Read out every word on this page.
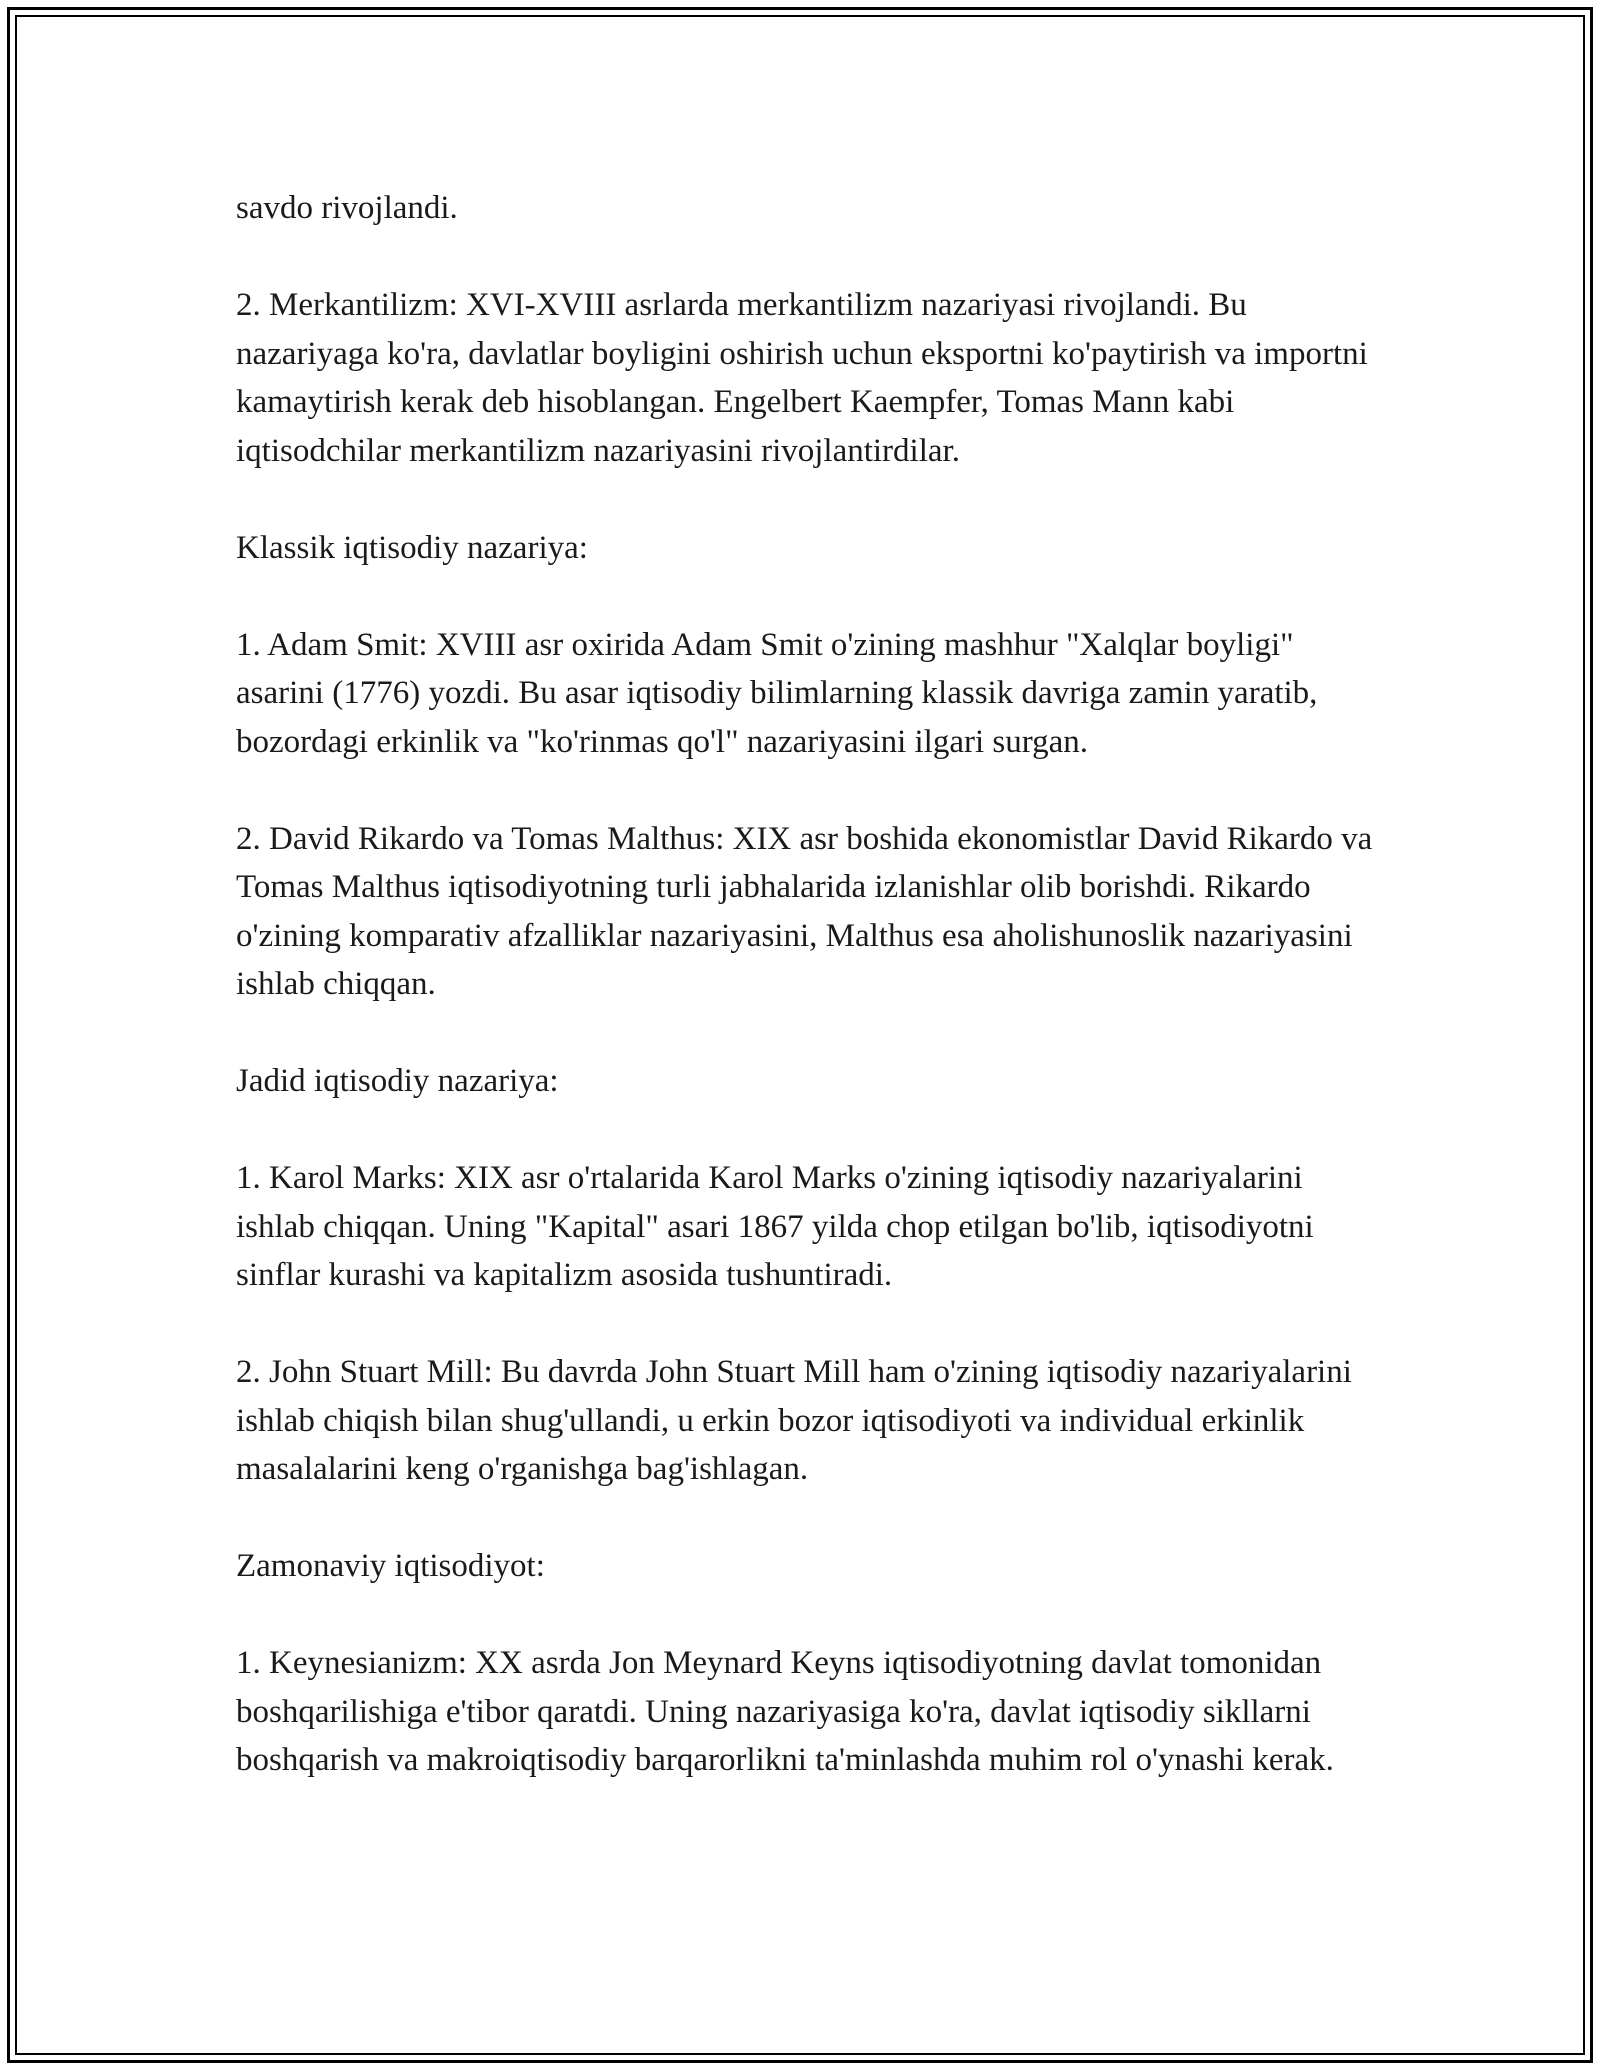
savdo rivojlandi.

2. Merkantilizm: XVI-XVIII asrlarda merkantilizm nazariyasi rivojlandi. Bu nazariyaga ko'ra, davlatlar boyligini oshirish uchun eksportni ko'paytirish va importni kamaytirish kerak deb hisoblangan. Engelbert Kaempfer, Tomas Mann kabi iqtisodchilar merkantilizm nazariyasini rivojlantirdilar.

Klassik iqtisodiy nazariya:

1. Adam Smit: XVIII asr oxirida Adam Smit o'zining mashhur "Xalqlar boyligi" asarini (1776) yozdi. Bu asar iqtisodiy bilimlarning klassik davriga zamin yaratib, bozordagi erkinlik va "ko'rinmas qo'l" nazariyasini ilgari surgan.

2. David Rikardo va Tomas Malthus: XIX asr boshida ekonomistlar David Rikardo va Tomas Malthus iqtisodiyotning turli jabhalarida izlanishlar olib borishdi. Rikardo o'zining komparativ afzalliklar nazariyasini, Malthus esa aholishunoslik nazariyasini ishlab chiqqan.

Jadid iqtisodiy nazariya:

1. Karol Marks: XIX asr o'rtalarida Karol Marks o'zining iqtisodiy nazariyalarini ishlab chiqqan. Uning "Kapital" asari 1867 yilda chop etilgan bo'lib, iqtisodiyotni sinflar kurashi va kapitalizm asosida tushuntiradi.

2. John Stuart Mill: Bu davrda John Stuart Mill ham o'zining iqtisodiy nazariyalarini ishlab chiqish bilan shug'ullandi, u erkin bozor iqtisodiyoti va individual erkinlik masalalarini keng o'rganishga bag'ishlagan.

Zamonaviy iqtisodiyot:

1. Keynesianizm: XX asrda Jon Meynard Keyns iqtisodiyotning davlat tomonidan boshqarilishiga e'tibor qaratdi. Uning nazariyasiga ko'ra, davlat iqtisodiy sikllarni boshqarish va makroiqtisodiy barqarorlikni ta'minlashda muhim rol o'ynashi kerak.
